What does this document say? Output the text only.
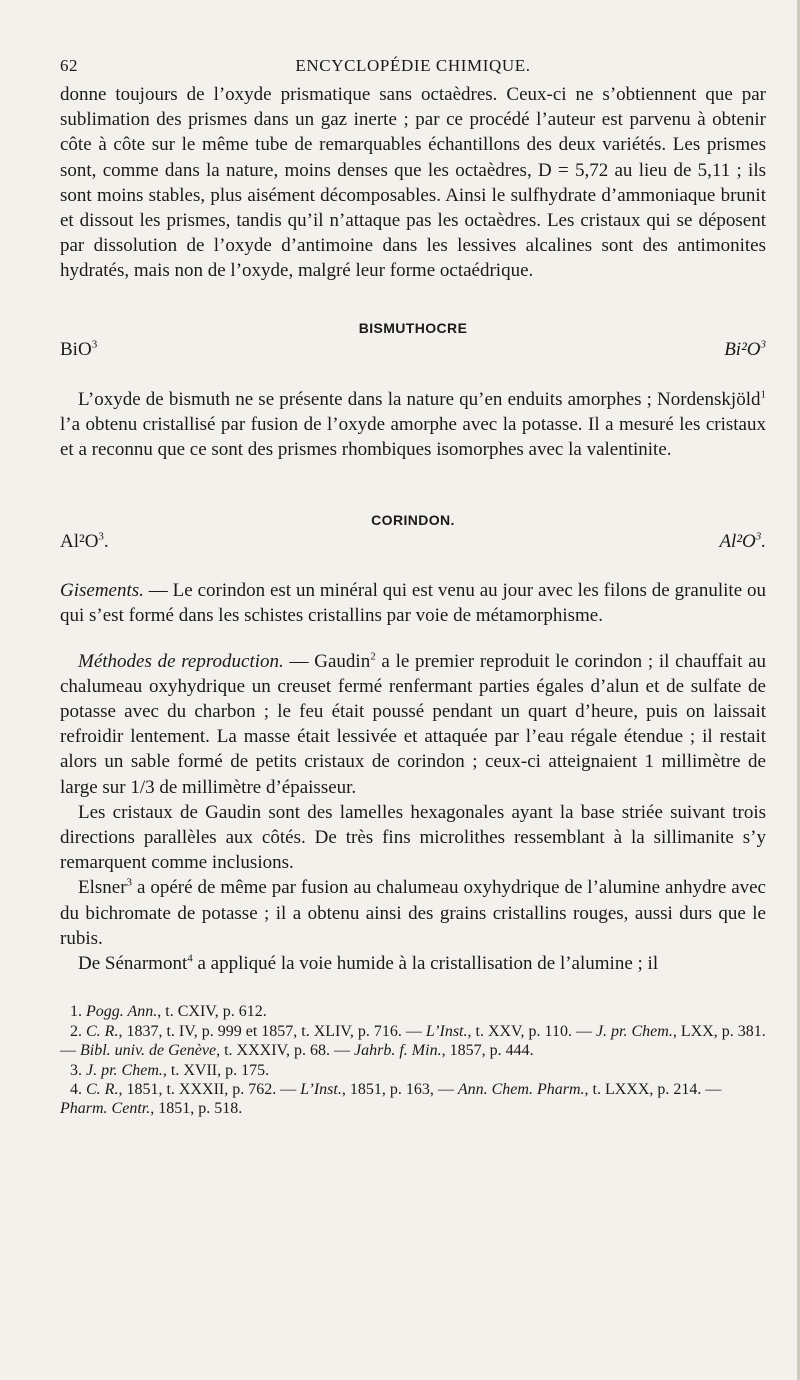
62	ENCYCLOPÉDIE CHIMIQUE.

donne toujours de l’oxyde prismatique sans octaèdres. Ceux-ci ne s’obtiennent que par sublimation des prismes dans un gaz inerte ; par ce procédé l’auteur est parvenu à obtenir côte à côte sur le même tube de remarquables échantillons des deux variétés. Les prismes sont, comme dans la nature, moins denses que les octaèdres, D = 5,72 au lieu de 5,11 ; ils sont moins stables, plus aisément décomposables. Ainsi le sulfhydrate d’ammoniaque brunit et dissout les prismes, tandis qu’il n’attaque pas les octaèdres. Les cristaux qui se déposent par dissolution de l’oxyde d’antimoine dans les lessives alcalines sont des antimonites hydratés, mais non de l’oxyde, malgré leur forme octaédrique.

BISMUTHOCRE
BiO$^3$	$Bi^2O^3$

L’oxyde de bismuth ne se présente dans la nature qu’en enduits amorphes ; Nordenskjöld$^1$ l’a obtenu cristallisé par fusion de l’oxyde amorphe avec la potasse. Il a mesuré les cristaux et a reconnu que ce sont des prismes rhombiques isomorphes avec la valentinite.

CORINDON.
$Al^2O^3$.	$Al^2O^3$.

Gisements. — Le corindon est un minéral qui est venu au jour avec les filons de granulite ou qui s’est formé dans les schistes cristallins par voie de métamorphisme.

Méthodes de reproduction. — Gaudin$^2$ a le premier reproduit le corindon ; il chauffait au chalumeau oxyhydrique un creuset fermé renfermant parties égales d’alun et de sulfate de potasse avec du charbon ; le feu était poussé pendant un quart d’heure, puis on laissait refroidir lentement. La masse était lessivée et attaquée par l’eau régale étendue ; il restait alors un sable formé de petits cristaux de corindon ; ceux-ci atteignaient 1 millimètre de large sur 1/3 de millimètre d’épaisseur.

Les cristaux de Gaudin sont des lamelles hexagonales ayant la base striée suivant trois directions parallèles aux côtés. De très fins microlithes ressemblant à la sillimanite s’y remarquent comme inclusions.

Elsner$^3$ a opéré de même par fusion au chalumeau oxyhydrique de l’alumine anhydre avec du bichromate de potasse ; il a obtenu ainsi des grains cristallins rouges, aussi durs que le rubis.

De Sénarmont$^4$ a appliqué la voie humide à la cristallisation de l’alumine ; il

1. Pogg. Ann., t. CXIV, p. 612.
2. C. R., 1837, t. IV, p. 999 et 1857, t. XLIV, p. 716. — L’Inst., t. XXV, p. 110. — J. pr. Chem., LXX, p. 381. — Bibl. univ. de Genève, t. XXXIV, p. 68. — Jahrb. f. Min., 1857, p. 444.
3. J. pr. Chem., t. XVII, p. 175.
4. C. R., 1851, t. XXXII, p. 762. — L’Inst., 1851, p. 163, — Ann. Chem. Pharm., t. LXXX, p. 214. — Pharm. Centr., 1851, p. 518.
